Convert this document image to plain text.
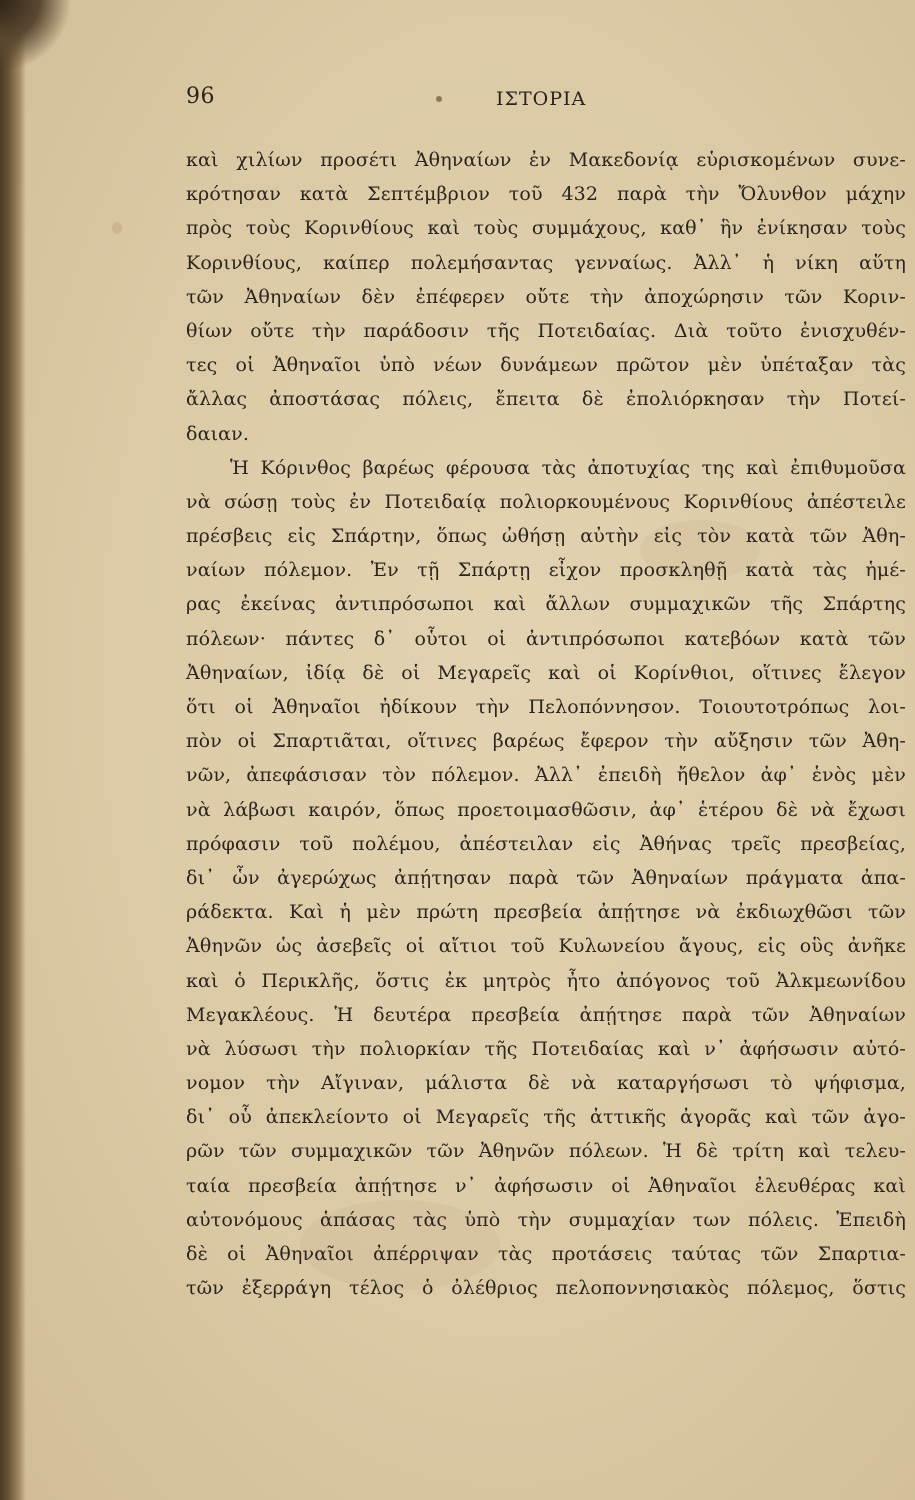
96	ΙΣΤΟΡΙΑ
καὶ χιλίων προσέτι Ἀθηναίων ἐν Μακεδονίᾳ εὑρισκομένων συνε-
κρότησαν κατὰ Σεπτέμβριον τοῦ 432 παρὰ τὴν Ὄλυνθον μάχην
πρὸς τοὺς Κορινθίους καὶ τοὺς συμμάχους, καθ᾽ ἣν ἐνίκησαν τοὺς
Κορινθίους, καίπερ πολεμήσαντας γενναίως. Ἀλλ᾽ ἡ νίκη αὕτη
τῶν Ἀθηναίων δὲν ἐπέφερεν οὔτε τὴν ἀποχώρησιν τῶν Κοριν-
θίων οὔτε τὴν παράδοσιν τῆς Ποτειδαίας. Διὰ τοῦτο ἐνισχυθέν-
τες οἱ Ἀθηναῖοι ὑπὸ νέων δυνάμεων πρῶτον μὲν ὑπέταξαν τὰς
ἄλλας ἀποστάσας πόλεις, ἔπειτα δὲ ἐπολιόρκησαν τὴν Ποτεί-
δαιαν.
Ἡ Κόρινθος βαρέως φέρουσα τὰς ἀποτυχίας της καὶ ἐπιθυμοῦσα
νὰ σώσῃ τοὺς ἐν Ποτειδαίᾳ πολιορκουμένους Κορινθίους ἀπέστειλε
πρέσβεις εἰς Σπάρτην, ὅπως ὠθήσῃ αὐτὴν εἰς τὸν κατὰ τῶν Ἀθη-
ναίων πόλεμον. Ἐν τῇ Σπάρτῃ εἶχον προσκληθῇ κατὰ τὰς ἡμέ-
ρας ἐκείνας ἀντιπρόσωποι καὶ ἄλλων συμμαχικῶν τῆς Σπάρτης
πόλεων· πάντες δ᾽ οὗτοι οἱ ἀντιπρόσωποι κατεβόων κατὰ τῶν
Ἀθηναίων, ἰδίᾳ δὲ οἱ Μεγαρεῖς καὶ οἱ Κορίνθιοι, οἵτινες ἔλεγον
ὅτι οἱ Ἀθηναῖοι ἠδίκουν τὴν Πελοπόννησον. Τοιουτοτρόπως λοι-
πὸν οἱ Σπαρτιᾶται, οἵτινες βαρέως ἔφερον τὴν αὔξησιν τῶν Ἀθη-
νῶν, ἀπεφάσισαν τὸν πόλεμον. Ἀλλ᾽ ἐπειδὴ ἤθελον ἀφ᾽ ἑνὸς μὲν
νὰ λάβωσι καιρόν, ὅπως προετοιμασθῶσιν, ἀφ᾽ ἑτέρου δὲ νὰ ἔχωσι
πρόφασιν τοῦ πολέμου, ἀπέστειλαν εἰς Ἀθήνας τρεῖς πρεσβείας,
δι᾽ ὧν ἀγερώχως ἀπῄτησαν παρὰ τῶν Ἀθηναίων πράγματα ἀπα-
ράδεκτα. Καὶ ἡ μὲν πρώτη πρεσβεία ἀπῄτησε νὰ ἐκδιωχθῶσι τῶν
Ἀθηνῶν ὡς ἀσεβεῖς οἱ αἴτιοι τοῦ Κυλωνείου ἄγους, εἰς οὓς ἀνῆκε
καὶ ὁ Περικλῆς, ὅστις ἐκ μητρὸς ἦτο ἀπόγονος τοῦ Ἀλκμεωνίδου
Μεγακλέους. Ἡ δευτέρα πρεσβεία ἀπῄτησε παρὰ τῶν Ἀθηναίων
νὰ λύσωσι τὴν πολιορκίαν τῆς Ποτειδαίας καὶ ν᾽ ἀφήσωσιν αὐτό-
νομον τὴν Αἴγιναν, μάλιστα δὲ νὰ καταργήσωσι τὸ ψήφισμα,
δι᾽ οὗ ἀπεκλείοντο οἱ Μεγαρεῖς τῆς ἀττικῆς ἀγορᾶς καὶ τῶν ἀγο-
ρῶν τῶν συμμαχικῶν τῶν Ἀθηνῶν πόλεων. Ἡ δὲ τρίτη καὶ τελευ-
ταία πρεσβεία ἀπῄτησε ν᾽ ἀφήσωσιν οἱ Ἀθηναῖοι ἐλευθέρας καὶ
αὐτονόμους ἁπάσας τὰς ὑπὸ τὴν συμμαχίαν των πόλεις. Ἐπειδὴ
δὲ οἱ Ἀθηναῖοι ἀπέρριψαν τὰς προτάσεις ταύτας τῶν Σπαρτια-
τῶν ἐξερράγη τέλος ὁ ὀλέθριος πελοποννησιακὸς πόλεμος, ὅστις
